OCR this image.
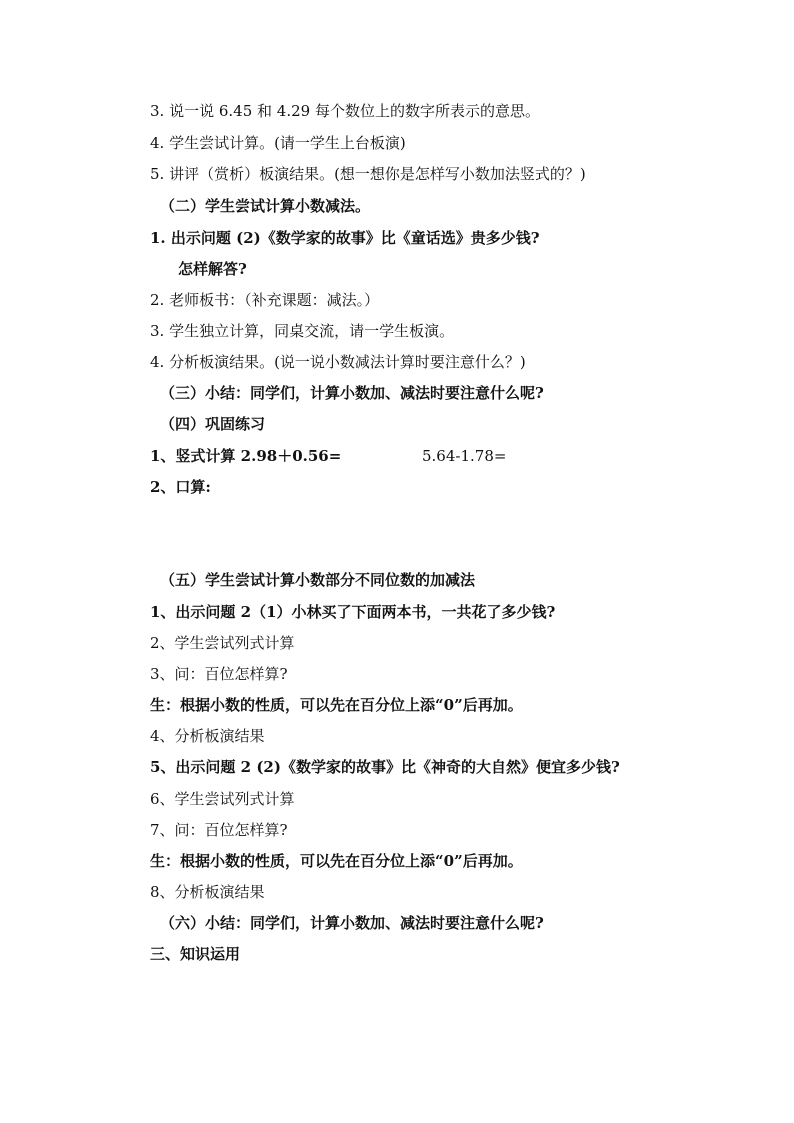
3. 说一说 6.45 和 4.29 每个数位上的数字所表示的意思。
4. 学生尝试计算。(请一学生上台板演)
5. 讲评（赏析）板演结果。(想一想你是怎样写小数加法竖式的？)
（二）学生尝试计算小数减法。
1. 出示问题 (2)《数学家的故事》比《童话选》贵多少钱?
怎样解答?
2. 老师板书：（补充课题：减法。）
3. 学生独立计算，同桌交流，请一学生板演。
4. 分析板演结果。(说一说小数减法计算时要注意什么？)
（三）小结：同学们，计算小数加、减法时要注意什么呢?
（四）巩固练习
1、竖式计算 2.98＋0.56=	5.64-1.78=
2、口算:
（五）学生尝试计算小数部分不同位数的加减法
1、出示问题 2（1）小林买了下面两本书，一共花了多少钱?
2、学生尝试列式计算
3、问：百位怎样算?
生：根据小数的性质，可以先在百分位上添“0”后再加。
4、分析板演结果
5、出示问题 2 (2)《数学家的故事》比《神奇的大自然》便宜多少钱?
6、学生尝试列式计算
7、问：百位怎样算?
生：根据小数的性质，可以先在百分位上添“0”后再加。
8、分析板演结果
（六）小结：同学们，计算小数加、减法时要注意什么呢?
三、知识运用
